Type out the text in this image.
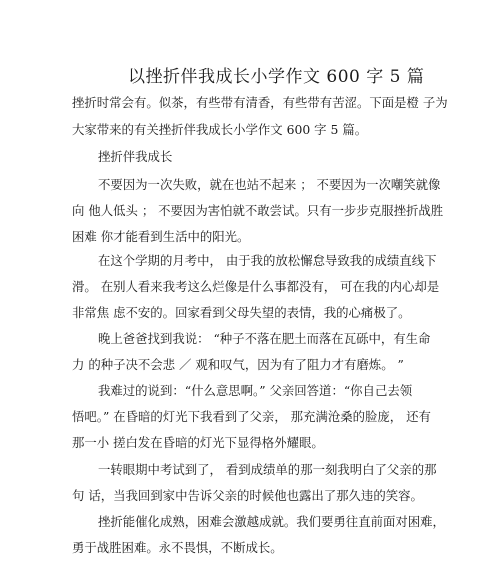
以挫折伴我成长小学作文 600 字 5 篇
挫折时常会有。似茶，有些带有清香，有些带有苦涩。下面是橙 子为
大家带来的有关挫折伴我成长小学作文 600 字 5 篇。
挫折伴我成长
不要因为一次失败，就在也站不起来 ； 不要因为一次嘲笑就像
向 他人低头 ； 不要因为害怕就不敢尝试。只有一步步克服挫折战胜
困难 你才能看到生活中的阳光。
在这个学期的月考中， 由于我的放松懈怠导致我的成绩直线下
滑。 在别人看来我考这么烂像是什么事都没有， 可在我的内心却是
非常焦 虑不安的。回家看到父母失望的表情，我的心痛极了。
晚上爸爸找到我说： “种子不落在肥土而落在瓦砾中，有生命
力 的种子决不会悲 ／ 观和叹气，因为有了阻力才有磨炼。 ”
我难过的说到：“什么意思啊。” 父亲回答道：“你自己去领
悟吧。” 在昏暗的灯光下我看到了父亲， 那充满沧桑的脸庞， 还有
那一小 搓白发在昏暗的灯光下显得格外耀眼。
一转眼期中考试到了， 看到成绩单的那一刻我明白了父亲的那
句 话，当我回到家中告诉父亲的时候他也露出了那久违的笑容。
挫折能催化成熟，困难会激越成就。我们要勇往直前面对困难，
勇于战胜困难。永不畏惧，不断成长。
